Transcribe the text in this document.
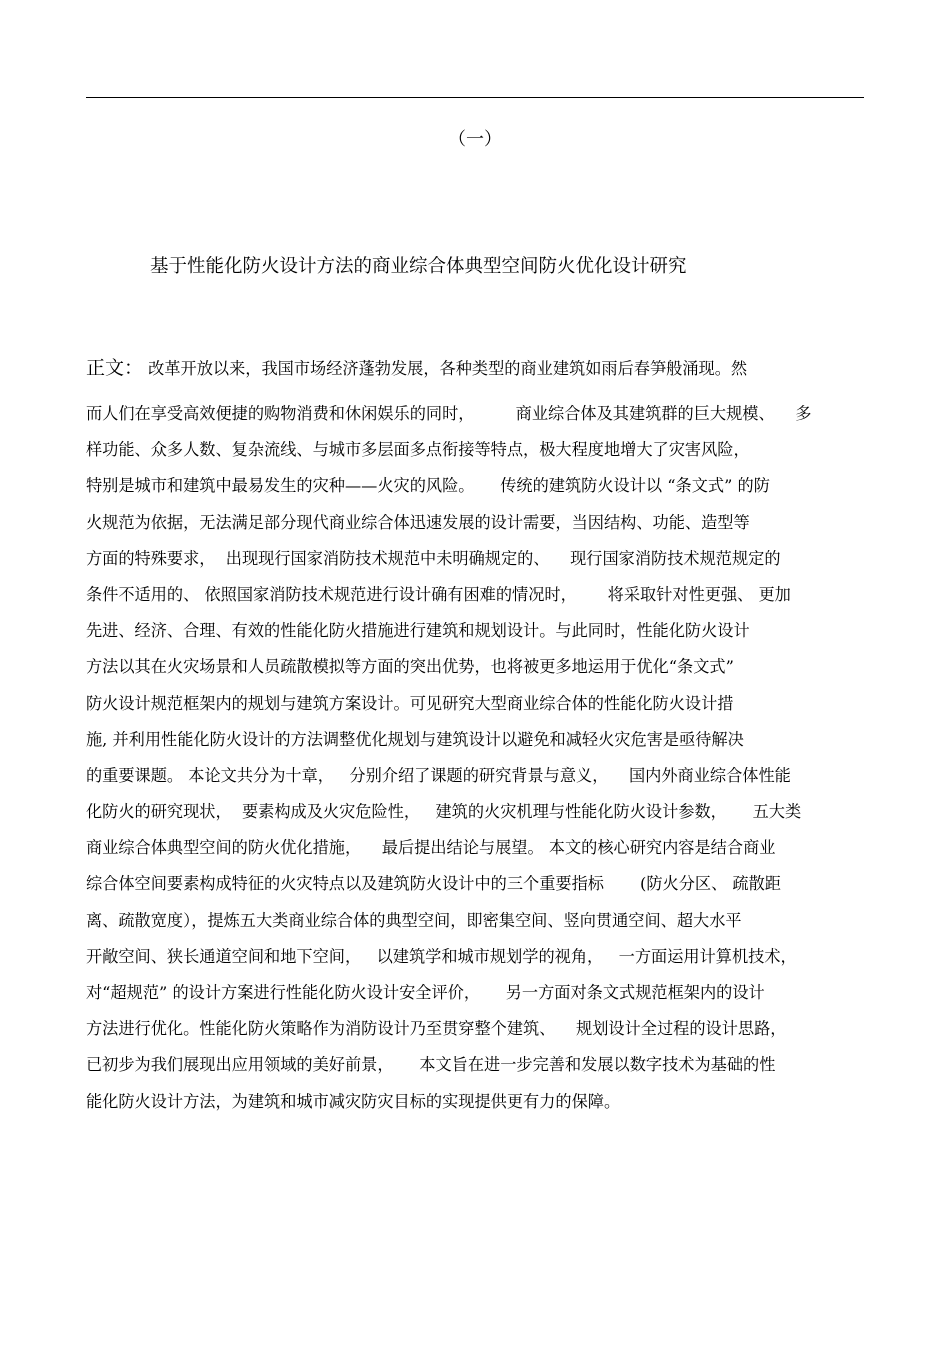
（一）
基于性能化防火设计方法的商业综合体典型空间防火优化设计研究
正文： 改革开放以来，我国市场经济蓬勃发展，各种类型的商业建筑如雨后春笋般涌现。然
而人们在享受高效便捷的购物消费和休闲娱乐的同时，        商业综合体及其建筑群的巨大规模、    多
样功能、众多人数、复杂流线、与城市多层面多点衔接等特点，极大程度地增大了灾害风险，
特别是城市和建筑中最易发生的灾种——火灾的风险。     传统的建筑防火设计以 “条文式” 的防
火规范为依据，无法满足部分现代商业综合体迅速发展的设计需要，当因结构、功能、造型等
方面的特殊要求，  出现现行国家消防技术规范中未明确规定的、    现行国家消防技术规范规定的
条件不适用的、 依照国家消防技术规范进行设计确有困难的情况时，      将采取针对性更强、 更加
先进、经济、合理、有效的性能化防火措施进行建筑和规划设计。与此同时，性能化防火设计
方法以其在火灾场景和人员疏散模拟等方面的突出优势，也将被更多地运用于优化“条文式”
防火设计规范框架内的规划与建筑方案设计。可见研究大型商业综合体的性能化防火设计措
施, 并利用性能化防火设计的方法调整优化规划与建筑设计以避免和减轻火灾危害是亟待解决
的重要课题。 本论文共分为十章，   分别介绍了课题的研究背景与意义，    国内外商业综合体性能
化防火的研究现状，  要素构成及火灾危险性，   建筑的火灾机理与性能化防火设计参数，     五大类
商业综合体典型空间的防火优化措施，    最后提出结论与展望。 本文的核心研究内容是结合商业
综合体空间要素构成特征的火灾特点以及建筑防火设计中的三个重要指标       (防火分区、 疏散距
离、疏散宽度），提炼五大类商业综合体的典型空间，即密集空间、竖向贯通空间、超大水平
开敞空间、狭长通道空间和地下空间，   以建筑学和城市规划学的视角，   一方面运用计算机技术，
对“超规范” 的设计方案进行性能化防火设计安全评价，     另一方面对条文式规范框架内的设计
方法进行优化。性能化防火策略作为消防设计乃至贯穿整个建筑、    规划设计全过程的设计思路，
已初步为我们展现出应用领域的美好前景，     本文旨在进一步完善和发展以数字技术为基础的性
能化防火设计方法，为建筑和城市减灾防灾目标的实现提供更有力的保障。
